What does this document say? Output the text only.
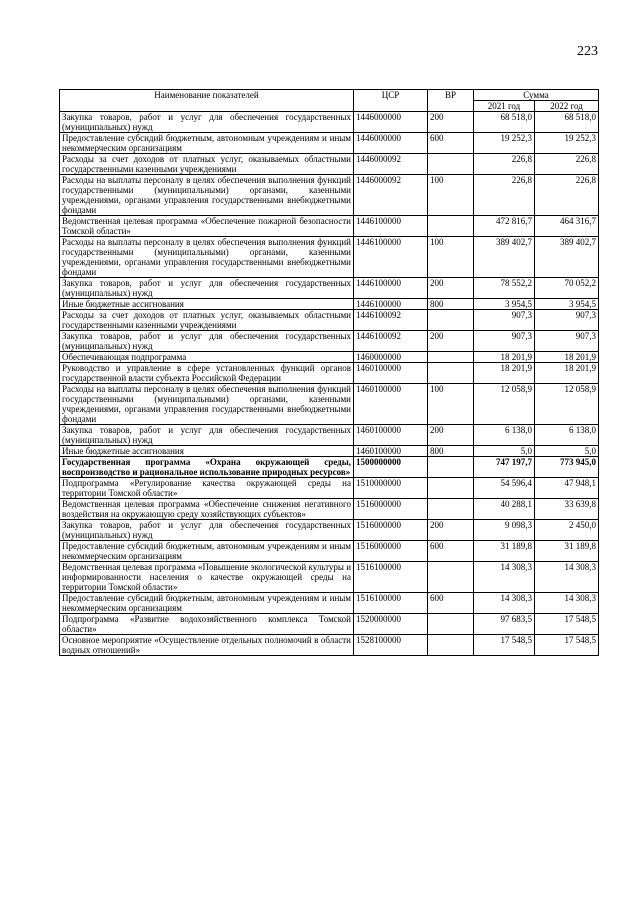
223
Наименование показателей	ЦСР	ВР	Сумма	
			2021 год	2022 год
Закупка товаров, работ и услуг для обеспечения государственных (муниципальных) нужд	1446000000	200	68 518,0	68 518,0
Предоставление субсидий бюджетным, автономным учреждениям и иным некоммерческим организациям	1446000000	600	19 252,3	19 252,3
Расходы за счет доходов от платных услуг, оказываемых областными государственными казенными учреждениями	1446000092		226,8	226,8
Расходы на выплаты персоналу в целях обеспечения выполнения функций государственными (муниципальными) органами, казенными учреждениями, органами управления государственными внебюджетными фондами	1446000092	100	226,8	226,8
Ведомственная целевая программа «Обеспечение пожарной безопасности Томской области»	1446100000		472 816,7	464 316,7
Расходы на выплаты персоналу в целях обеспечения выполнения функций государственными (муниципальными) органами, казенными учреждениями, органами управления государственными внебюджетными фондами	1446100000	100	389 402,7	389 402,7
Закупка товаров, работ и услуг для обеспечения государственных (муниципальных) нужд	1446100000	200	78 552,2	70 052,2
Иные бюджетные ассигнования	1446100000	800	3 954,5	3 954,5
Расходы за счет доходов от платных услуг, оказываемых областными государственными казенными учреждениями	1446100092		907,3	907,3
Закупка товаров, работ и услуг для обеспечения государственных (муниципальных) нужд	1446100092	200	907,3	907,3
Обеспечивающая подпрограмма	1460000000		18 201,9	18 201,9
Руководство и управление в сфере установленных функций органов государственной власти субъекта Российской Федерации	1460100000		18 201,9	18 201,9
Расходы на выплаты персоналу в целях обеспечения выполнения функций государственными (муниципальными) органами, казенными учреждениями, органами управления государственными внебюджетными фондами	1460100000	100	12 058,9	12 058,9
Закупка товаров, работ и услуг для обеспечения государственных (муниципальных) нужд	1460100000	200	6 138,0	6 138,0
Иные бюджетные ассигнования	1460100000	800	5,0	5,0
Государственная программа «Охрана окружающей среды, воспроизводство и рациональное использование природных ресурсов»	1500000000		747 197,7	773 945,0
Подпрограмма «Регулирование качества окружающей среды на территории Томской области»	1510000000		54 596,4	47 948,1
Ведомственная целевая программа «Обеспечение снижения негативного воздействия на окружающую среду хозяйствующих субъектов»	1516000000		40 288,1	33 639,8
Закупка товаров, работ и услуг для обеспечения государственных (муниципальных) нужд	1516000000	200	9 098,3	2 450,0
Предоставление субсидий бюджетным, автономным учреждениям и иным некоммерческим организациям	1516000000	600	31 189,8	31 189,8
Ведомственная целевая программа «Повышение экологической культуры и информированности населения о качестве окружающей среды на территории Томской области»	1516100000		14 308,3	14 308,3
Предоставление субсидий бюджетным, автономным учреждениям и иным некоммерческим организациям	1516100000	600	14 308,3	14 308,3
Подпрограмма «Развитие водохозяйственного комплекса Томской области»	1520000000		97 683,5	17 548,5
Основное мероприятие «Осуществление отдельных полномочий в области водных отношений»	1528100000		17 548,5	17 548,5
